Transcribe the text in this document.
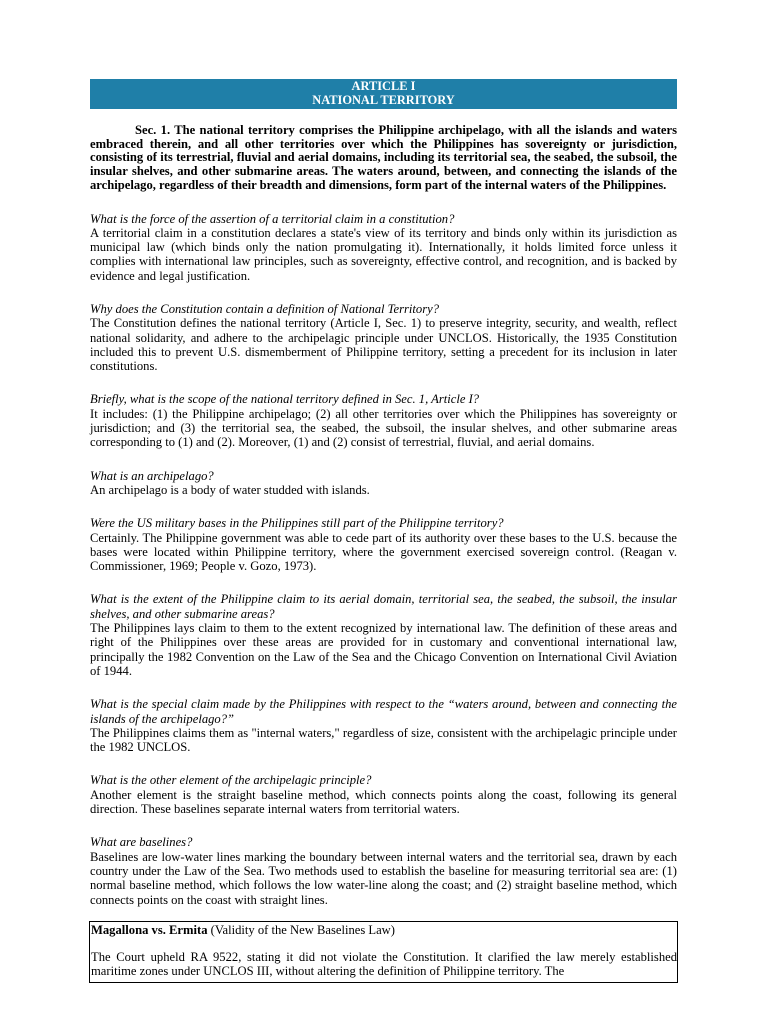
ARTICLE I
NATIONAL TERRITORY
Sec. 1. The national territory comprises the Philippine archipelago, with all the islands and waters embraced therein, and all other territories over which the Philippines has sovereignty or jurisdiction, consisting of its terrestrial, fluvial and aerial domains, including its territorial sea, the seabed, the subsoil, the insular shelves, and other submarine areas. The waters around, between, and connecting the islands of the archipelago, regardless of their breadth and dimensions, form part of the internal waters of the Philippines.
What is the force of the assertion of a territorial claim in a constitution?
A territorial claim in a constitution declares a state's view of its territory and binds only within its jurisdiction as municipal law (which binds only the nation promulgating it). Internationally, it holds limited force unless it complies with international law principles, such as sovereignty, effective control, and recognition, and is backed by evidence and legal justification.
Why does the Constitution contain a definition of National Territory?
The Constitution defines the national territory (Article I, Sec. 1) to preserve integrity, security, and wealth, reflect national solidarity, and adhere to the archipelagic principle under UNCLOS. Historically, the 1935 Constitution included this to prevent U.S. dismemberment of Philippine territory, setting a precedent for its inclusion in later constitutions.
Briefly, what is the scope of the national territory defined in Sec. 1, Article I?
It includes: (1) the Philippine archipelago; (2) all other territories over which the Philippines has sovereignty or jurisdiction; and (3) the territorial sea, the seabed, the subsoil, the insular shelves, and other submarine areas corresponding to (1) and (2). Moreover, (1) and (2) consist of terrestrial, fluvial, and aerial domains.
What is an archipelago?
An archipelago is a body of water studded with islands.
Were the US military bases in the Philippines still part of the Philippine territory?
Certainly. The Philippine government was able to cede part of its authority over these bases to the U.S. because the bases were located within Philippine territory, where the government exercised sovereign control. (Reagan v. Commissioner, 1969; People v. Gozo, 1973).
What is the extent of the Philippine claim to its aerial domain, territorial sea, the seabed, the subsoil, the insular shelves, and other submarine areas?
The Philippines lays claim to them to the extent recognized by international law. The definition of these areas and right of the Philippines over these areas are provided for in customary and conventional international law, principally the 1982 Convention on the Law of the Sea and the Chicago Convention on International Civil Aviation of 1944.
What is the special claim made by the Philippines with respect to the “waters around, between and connecting the islands of the archipelago?”
The Philippines claims them as "internal waters," regardless of size, consistent with the archipelagic principle under the 1982 UNCLOS.
What is the other element of the archipelagic principle?
Another element is the straight baseline method, which connects points along the coast, following its general direction. These baselines separate internal waters from territorial waters.
What are baselines?
Baselines are low-water lines marking the boundary between internal waters and the territorial sea, drawn by each country under the Law of the Sea. Two methods used to establish the baseline for measuring territorial sea are: (1) normal baseline method, which follows the low water-line along the coast; and (2) straight baseline method, which connects points on the coast with straight lines.
Magallona vs. Ermita (Validity of the New Baselines Law)
The Court upheld RA 9522, stating it did not violate the Constitution. It clarified the law merely established maritime zones under UNCLOS III, without altering the definition of Philippine territory. The
